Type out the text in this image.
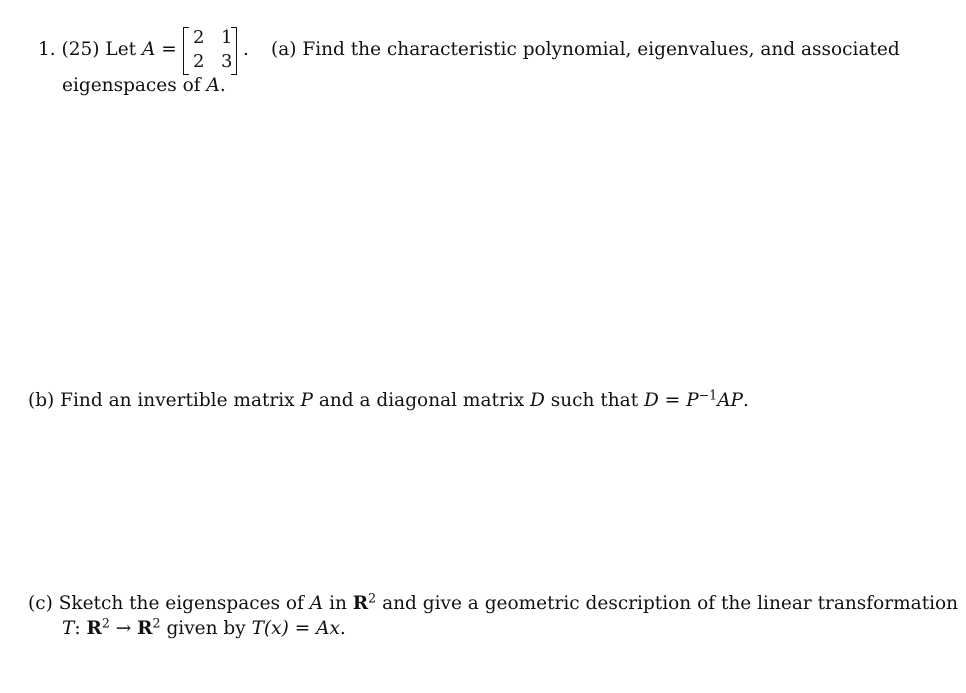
1. (25) Let A =
2 1
2 3
. (a) Find the characteristic polynomial, eigenvalues, and associated
eigenspaces of A.
(b) Find an invertible matrix P and a diagonal matrix D such that $D = P^{-1}AP$.
(c) Sketch the eigenspaces of A in $R^2$ and give a geometric description of the linear transformation
T: $R^2 \to R^2$ given by T(x) = Ax.
